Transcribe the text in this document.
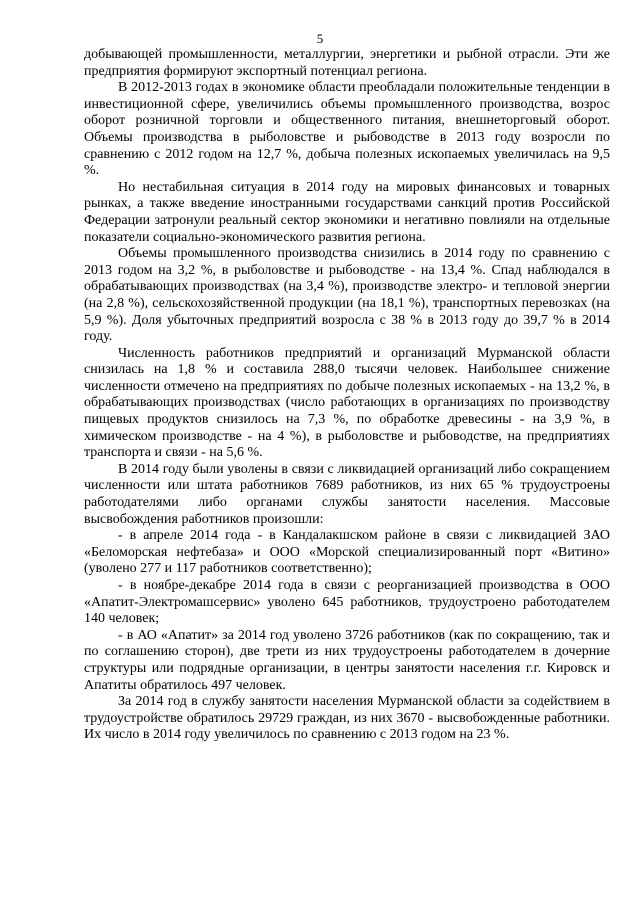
5

добывающей промышленности, металлургии, энергетики и рыбной отрасли. Эти же предприятия формируют экспортный потенциал региона.

В 2012-2013 годах в экономике области преобладали положительные тенденции в инвестиционной сфере, увеличились объемы промышленного производства, возрос оборот розничной торговли и общественного питания, внешнеторговый оборот. Объемы производства в рыболовстве и рыбоводстве в 2013 году возросли по сравнению с 2012 годом на 12,7 %, добыча полезных ископаемых увеличилась на 9,5 %.

Но нестабильная ситуация в 2014 году на мировых финансовых и товарных рынках, а также введение иностранными государствами санкций против Российской Федерации затронули реальный сектор экономики и негативно повлияли на отдельные показатели социально-экономического развития региона.

Объемы промышленного производства снизились в 2014 году по сравнению с 2013 годом на 3,2 %, в рыболовстве и рыбоводстве - на 13,4 %. Спад наблюдался в обрабатывающих производствах (на 3,4 %), производстве электро- и тепловой энергии (на 2,8 %), сельскохозяйственной продукции (на 18,1 %), транспортных перевозках (на 5,9 %). Доля убыточных предприятий возросла с 38 % в 2013 году до 39,7 % в 2014 году.

Численность работников предприятий и организаций Мурманской области снизилась на 1,8 % и составила 288,0 тысячи человек. Наибольшее снижение численности отмечено на предприятиях по добыче полезных ископаемых - на 13,2 %, в обрабатывающих производствах (число работающих в организациях по производству пищевых продуктов снизилось на 7,3 %, по обработке древесины - на 3,9 %, в химическом производстве - на 4 %), в рыболовстве и рыбоводстве, на предприятиях транспорта и связи - на 5,6 %.

В 2014 году были уволены в связи с ликвидацией организаций либо сокращением численности или штата работников 7689 работников, из них 65 % трудоустроены работодателями либо органами службы занятости населения. Массовые высвобождения работников произошли:

- в апреле 2014 года - в Кандалакшском районе в связи с ликвидацией ЗАО «Беломорская нефтебаза» и ООО «Морской специализированный порт «Витино» (уволено 277 и 117 работников соответственно);

- в ноябре-декабре 2014 года в связи с реорганизацией производства в ООО «Апатит-Электромашсервис» уволено 645 работников, трудоустроено работодателем 140 человек;

- в АО «Апатит» за 2014 год уволено 3726 работников (как по сокращению, так и по соглашению сторон), две трети из них трудоустроены работодателем в дочерние структуры или подрядные организации, в центры занятости населения г.г. Кировск и Апатиты обратилось 497 человек.

За 2014 год в службу занятости населения Мурманской области за содействием в трудоустройстве обратилось 29729 граждан, из них 3670 - высвобожденные работники. Их число в 2014 году увеличилось по сравнению с 2013 годом на 23 %.
